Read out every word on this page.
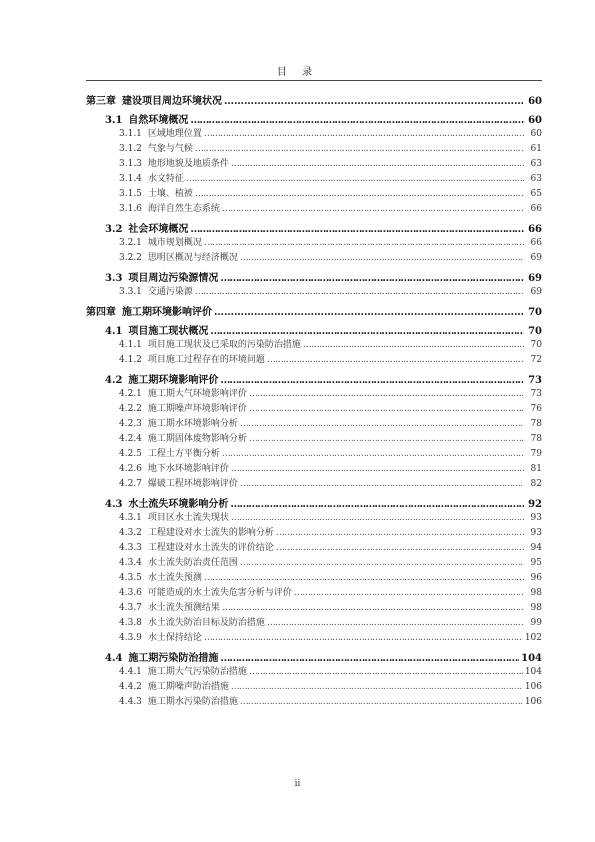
目 录
第三章 建设项目周边环境状况 …………………………………………………………………………………………………………………………………………………………………………………………………………	60
3.1 自然环境概况 …………………………………………………………………………………………………………………………………………………………………………………………………………	60
3.1.1 区域地理位置 …………………………………………………………………………………………………………………………………………………………………………………………………………	60
3.1.2 气象与气候 …………………………………………………………………………………………………………………………………………………………………………………………………………	61
3.1.3 地形地貌及地质条件 …………………………………………………………………………………………………………………………………………………………………………………………………………	63
3.1.4 水文特征 …………………………………………………………………………………………………………………………………………………………………………………………………………	63
3.1.5 土壤、植被 …………………………………………………………………………………………………………………………………………………………………………………………………………	65
3.1.6 海洋自然生态系统 …………………………………………………………………………………………………………………………………………………………………………………………………………	66
3.2 社会环境概况 …………………………………………………………………………………………………………………………………………………………………………………………………………	66
3.2.1 城市规划概况 …………………………………………………………………………………………………………………………………………………………………………………………………………	66
3.2.2 思明区概况与经济概况 …………………………………………………………………………………………………………………………………………………………………………………………………………	69
3.3 项目周边污染源情况 …………………………………………………………………………………………………………………………………………………………………………………………………………	69
3.3.1 交通污染源 …………………………………………………………………………………………………………………………………………………………………………………………………………	69
第四章 施工期环境影响评价 …………………………………………………………………………………………………………………………………………………………………………………………………………	70
4.1 项目施工现状概况 …………………………………………………………………………………………………………………………………………………………………………………………………………	70
4.1.1 项目施工现状及已采取的污染防治措施 …………………………………………………………………………………………………………………………………………………………………………………………………………	70
4.1.2 项目施工过程存在的环境问题 …………………………………………………………………………………………………………………………………………………………………………………………………………	72
4.2 施工期环境影响评价 …………………………………………………………………………………………………………………………………………………………………………………………………………	73
4.2.1 施工期大气环境影响评价 …………………………………………………………………………………………………………………………………………………………………………………………………………	73
4.2.2 施工期噪声环境影响评价 …………………………………………………………………………………………………………………………………………………………………………………………………………	76
4.2.3 施工期水环境影响分析 …………………………………………………………………………………………………………………………………………………………………………………………………………	78
4.2.4 施工期固体废物影响分析 …………………………………………………………………………………………………………………………………………………………………………………………………………	78
4.2.5 工程土方平衡分析 …………………………………………………………………………………………………………………………………………………………………………………………………………	79
4.2.6 地下水环境影响评价 …………………………………………………………………………………………………………………………………………………………………………………………………………	81
4.2.7 爆破工程环境影响评价 …………………………………………………………………………………………………………………………………………………………………………………………………………	82
4.3 水土流失环境影响分析 …………………………………………………………………………………………………………………………………………………………………………………………………………	92
4.3.1 项目区水土流失现状 …………………………………………………………………………………………………………………………………………………………………………………………………………	93
4.3.2 工程建设对水土流失的影响分析 …………………………………………………………………………………………………………………………………………………………………………………………………………	93
4.3.3 工程建设对水土流失的评价结论 …………………………………………………………………………………………………………………………………………………………………………………………………………	94
4.3.4 水土流失防治责任范围 …………………………………………………………………………………………………………………………………………………………………………………………………………	95
4.3.5 水土流失预测 …………………………………………………………………………………………………………………………………………………………………………………………………………	96
4.3.6 可能造成的水土流失危害分析与评价 …………………………………………………………………………………………………………………………………………………………………………………………………………	98
4.3.7 水土流失预测结果 …………………………………………………………………………………………………………………………………………………………………………………………………………	98
4.3.8 水土流失防治目标及防治措施 …………………………………………………………………………………………………………………………………………………………………………………………………………	99
4.3.9 水土保持结论 …………………………………………………………………………………………………………………………………………………………………………………………………………	102
4.4 施工期污染防治措施 …………………………………………………………………………………………………………………………………………………………………………………………………………	104
4.4.1 施工期大气污染防治措施 …………………………………………………………………………………………………………………………………………………………………………………………………………	104
4.4.2 施工期噪声防治措施 …………………………………………………………………………………………………………………………………………………………………………………………………………	106
4.4.3 施工期水污染防治措施 …………………………………………………………………………………………………………………………………………………………………………………………………………	106
ii
